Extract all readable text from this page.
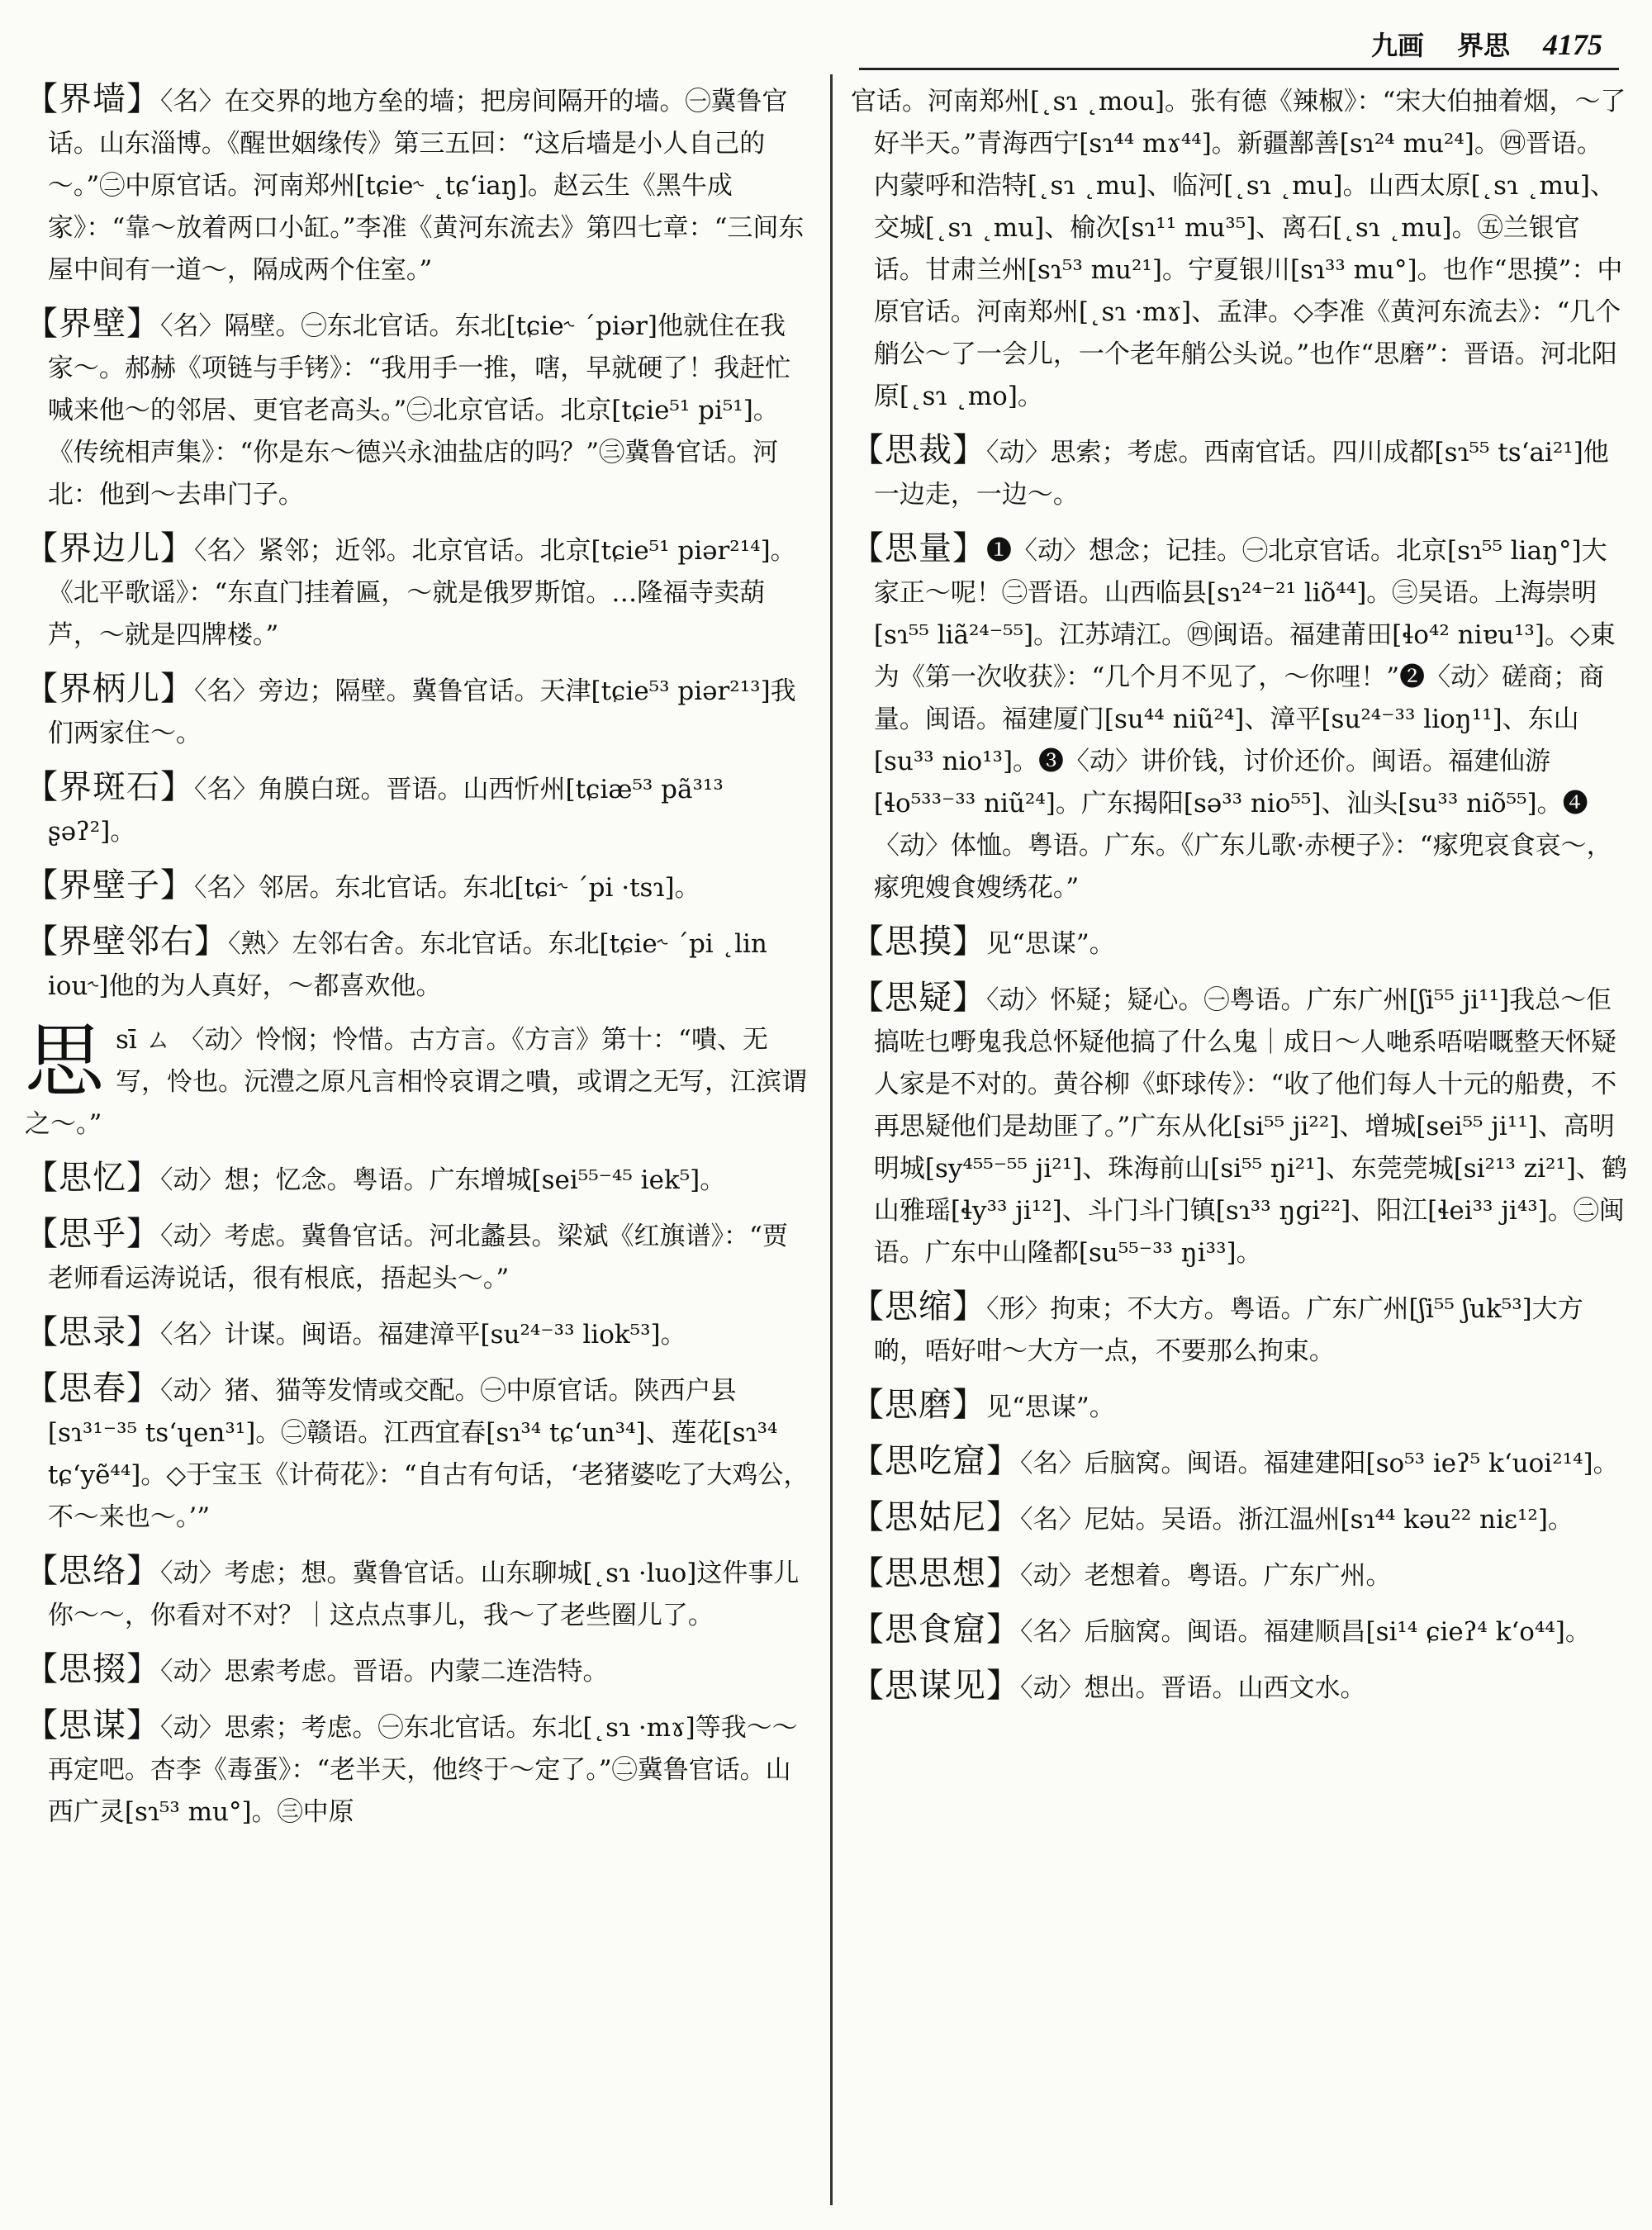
九画 界思 4175

【界墙】〈名〉在交界的地方垒的墙；把房间隔开的墙。㊀冀鲁官话。山东淄博。《醒世姻缘传》第三五回：“这后墙是小人自己的～。”㊁中原官话。河南郑州[tɕie˞ ˛tɕʻiaŋ]。赵云生《黑牛成家》：“靠～放着两口小缸。”李准《黄河东流去》第四七章：“三间东屋中间有一道～，隔成两个住室。”

【界壁】〈名〉隔壁。㊀东北官话。东北[tɕie˞ ˊpiər]他就住在我家～。郝赫《项链与手铐》：“我用手一推，嗐，早就硬了！我赶忙喊来他～的邻居、更官老高头。”㊁北京官话。北京[tɕie⁵¹ pi⁵¹]。《传统相声集》：“你是东～德兴永油盐店的吗？”㊂冀鲁官话。河北：他到～去串门子。

【界边儿】〈名〉紧邻；近邻。北京官话。北京[tɕie⁵¹ piər²¹⁴]。《北平歌谣》：“东直门挂着匾，～就是俄罗斯馆。…隆福寺卖葫芦，～就是四牌楼。”

【界柄儿】〈名〉旁边；隔壁。冀鲁官话。天津[tɕie⁵³ piər²¹³]我们两家住～。

【界斑石】〈名〉角膜白斑。晋语。山西忻州[tɕiæ⁵³ pã³¹³ ʂəʔ²]。

【界壁子】〈名〉邻居。东北官话。东北[tɕi˞ ˊpi ·tsɿ]。

【界壁邻右】〈熟〉左邻右舍。东北官话。东北[tɕie˞ ˊpi ˛lin iou˞]他的为人真好，～都喜欢他。

思 sī ㄙ 〈动〉怜悯；怜惜。古方言。《方言》第十：“嘳、无写，怜也。沅澧之原凡言相怜哀谓之嘳，或谓之无写，江滨谓之～。”

【思忆】〈动〉想；忆念。粤语。广东增城[sei⁵⁵⁻⁴⁵ iek⁵]。

【思乎】〈动〉考虑。冀鲁官话。河北蠡县。梁斌《红旗谱》：“贾老师看运涛说话，很有根底，捂起头～。”

【思录】〈名〉计谋。闽语。福建漳平[su²⁴⁻³³ liok⁵³]。

【思春】〈动〉猪、猫等发情或交配。㊀中原官话。陕西户县[sɿ³¹⁻³⁵ tsʻɥen³¹]。㊁赣语。江西宜春[sɿ³⁴ tɕʻun³⁴]、莲花[sɿ³⁴ tɕʻyẽ⁴⁴]。◇于宝玉《计荷花》：“自古有句话，‘老猪婆吃了大鸡公，不～来也～。’”

【思络】〈动〉考虑；想。冀鲁官话。山东聊城[˛sɿ ·luo]这件事儿你～～，你看对不对？｜这点点事儿，我～了老些圈儿了。

【思掇】〈动〉思索考虑。晋语。内蒙二连浩特。

【思谋】〈动〉思索；考虑。㊀东北官话。东北[˛sɿ ·mɤ]等我～～再定吧。杏李《毒蛋》：“老半天，他终于～定了。”㊁冀鲁官话。山西广灵[sɿ⁵³ mu°]。㊂中原

官话。河南郑州[˛sɿ ˛mou]。张有德《辣椒》：“宋大伯抽着烟，～了好半天。”青海西宁[sɿ⁴⁴ mɤ⁴⁴]。新疆鄯善[sɿ²⁴ mu²⁴]。㊃晋语。内蒙呼和浩特[˛sɿ ˛mu]、临河[˛sɿ ˛mu]。山西太原[˛sɿ ˛mu]、交城[˛sɿ ˛mu]、榆次[sɿ¹¹ mu³⁵]、离石[˛sɿ ˛mu]。㊄兰银官话。甘肃兰州[sɿ⁵³ mu²¹]。宁夏银川[sɿ³³ mu°]。也作“思摸”：中原官话。河南郑州[˛sɿ ·mɤ]、孟津。◇李准《黄河东流去》：“几个艄公～了一会儿，一个老年艄公头说。”也作“思磨”：晋语。河北阳原[˛sɿ ˛mo]。

【思裁】〈动〉思索；考虑。西南官话。四川成都[sɿ⁵⁵ tsʻai²¹]他一边走，一边～。

【思量】❶〈动〉想念；记挂。㊀北京官话。北京[sɿ⁵⁵ liaŋ°]大家正～呢！㊁晋语。山西临县[sɿ²⁴⁻²¹ liõ⁴⁴]。㊂吴语。上海崇明[sɿ⁵⁵ liã²⁴⁻⁵⁵]。江苏靖江。㊃闽语。福建莆田[ɬo⁴² niɐu¹³]。◇東为《第一次收获》：“几个月不见了，～你哩！”❷〈动〉磋商；商量。闽语。福建厦门[su⁴⁴ niũ²⁴]、漳平[su²⁴⁻³³ lioŋ¹¹]、东山[su³³ nio¹³]。❸〈动〉讲价钱，讨价还价。闽语。福建仙游[ɬo⁵³³⁻³³ niũ²⁴]。广东揭阳[sə³³ nio⁵⁵]、汕头[su³³ niõ⁵⁵]。❹〈动〉体恤。粤语。广东。《广东儿歌·赤梗子》：“瘃兜哀食哀～，瘃兜嫂食嫂绣花。”

【思摸】见“思谋”。

【思疑】〈动〉怀疑；疑心。㊀粤语。广东广州[ʃi⁵⁵ ji¹¹]我总～佢搞咗乜嘢鬼我总怀疑他搞了什么鬼｜成日～人哋系唔啱嘅整天怀疑人家是不对的。黄谷柳《虾球传》：“收了他们每人十元的船费，不再思疑他们是劫匪了。”广东从化[si⁵⁵ ji²²]、增城[sei⁵⁵ ji¹¹]、高明明城[sy⁴⁵⁵⁻⁵⁵ ji²¹]、珠海前山[si⁵⁵ ŋi²¹]、东莞莞城[si²¹³ zi²¹]、鹤山雅瑶[ɬy³³ ji¹²]、斗门斗门镇[sɿ³³ ŋgi²²]、阳江[ɬei³³ ji⁴³]。㊁闽语。广东中山隆都[su⁵⁵⁻³³ ŋi³³]。

【思缩】〈形〉拘束；不大方。粤语。广东广州[ʃi⁵⁵ ʃuk⁵³]大方啲，唔好咁～大方一点，不要那么拘束。

【思磨】见“思谋”。

【思吃窟】〈名〉后脑窝。闽语。福建建阳[so⁵³ ieʔ⁵ kʻuoi²¹⁴]。

【思姑尼】〈名〉尼姑。吴语。浙江温州[sɿ⁴⁴ kəu²² niɛ¹²]。

【思思想】〈动〉老想着。粤语。广东广州。

【思食窟】〈名〉后脑窝。闽语。福建顺昌[si¹⁴ ɕieʔ⁴ kʻo⁴⁴]。

【思谋见】〈动〉想出。晋语。山西文水。
